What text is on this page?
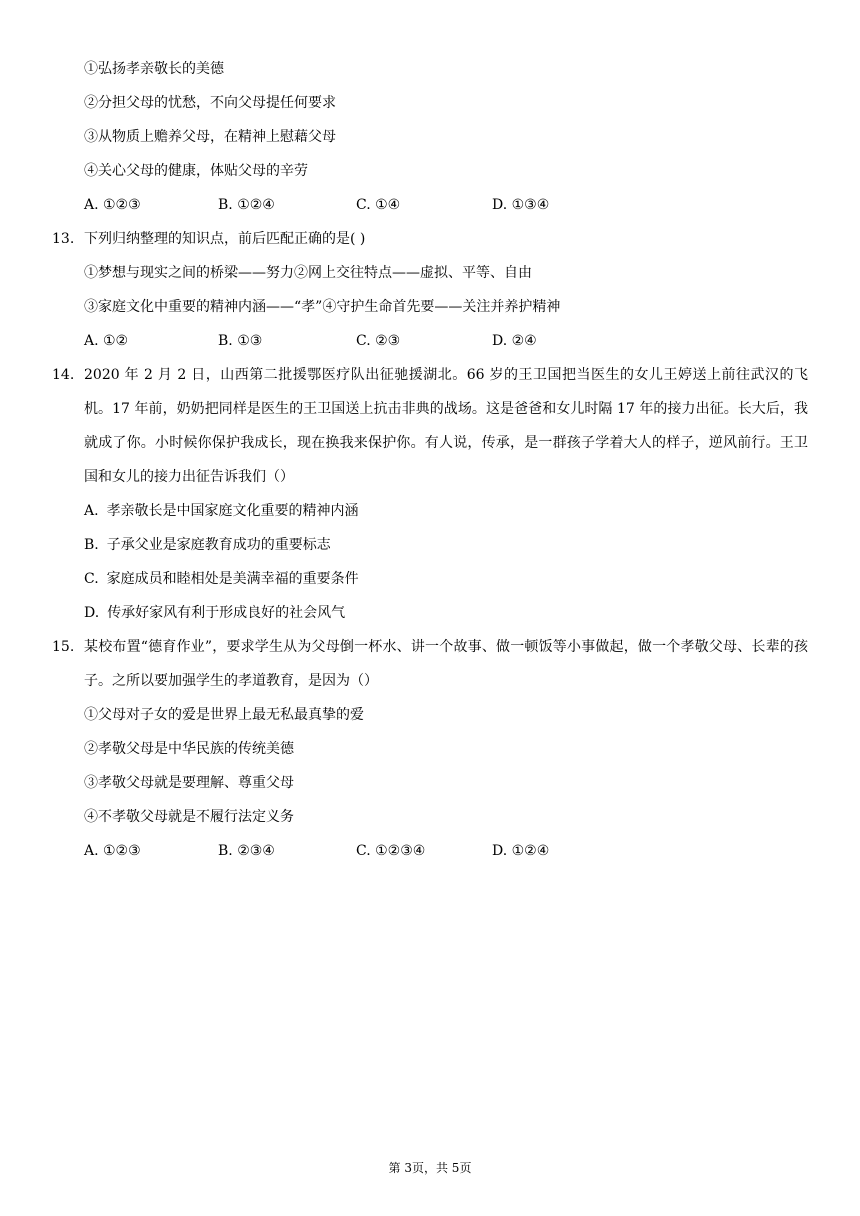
①弘扬孝亲敬长的美德
②分担父母的忧愁，不向父母提任何要求
③从物质上赡养父母，在精神上慰藉父母
④关心父母的健康，体贴父母的辛劳
A. ①②③	B. ①②④	C. ①④	D. ①③④
13. 下列归纳整理的知识点，前后匹配正确的是( )
①梦想与现实之间的桥梁——努力②网上交往特点——虚拟、平等、自由
③家庭文化中重要的精神内涵——“孝”④守护生命首先要——关注并养护精神
A. ①②	B. ①③	C. ②③	D. ②④
14. 2020 年 2 月 2 日，山西第二批援鄂医疗队出征驰援湖北。66 岁的王卫国把当医生的女儿王婷送上前往武汉的飞机。17 年前，奶奶把同样是医生的王卫国送上抗击非典的战场。这是爸爸和女儿时隔 17 年的接力出征。长大后，我就成了你。小时候你保护我成长，现在换我来保护你。有人说，传承，是一群孩子学着大人的样子，逆风前行。王卫国和女儿的接力出征告诉我们（）
A. 孝亲敬长是中国家庭文化重要的精神内涵
B. 子承父业是家庭教育成功的重要标志
C. 家庭成员和睦相处是美满幸福的重要条件
D. 传承好家风有利于形成良好的社会风气
15. 某校布置“德育作业”，要求学生从为父母倒一杯水、讲一个故事、做一顿饭等小事做起，做一个孝敬父母、长辈的孩子。之所以要加强学生的孝道教育，是因为（）
①父母对子女的爱是世界上最无私最真挚的爱
②孝敬父母是中华民族的传统美德
③孝敬父母就是要理解、尊重父母
④不孝敬父母就是不履行法定义务
A. ①②③	B. ②③④	C. ①②③④	D. ①②④
第 3页，共 5页
